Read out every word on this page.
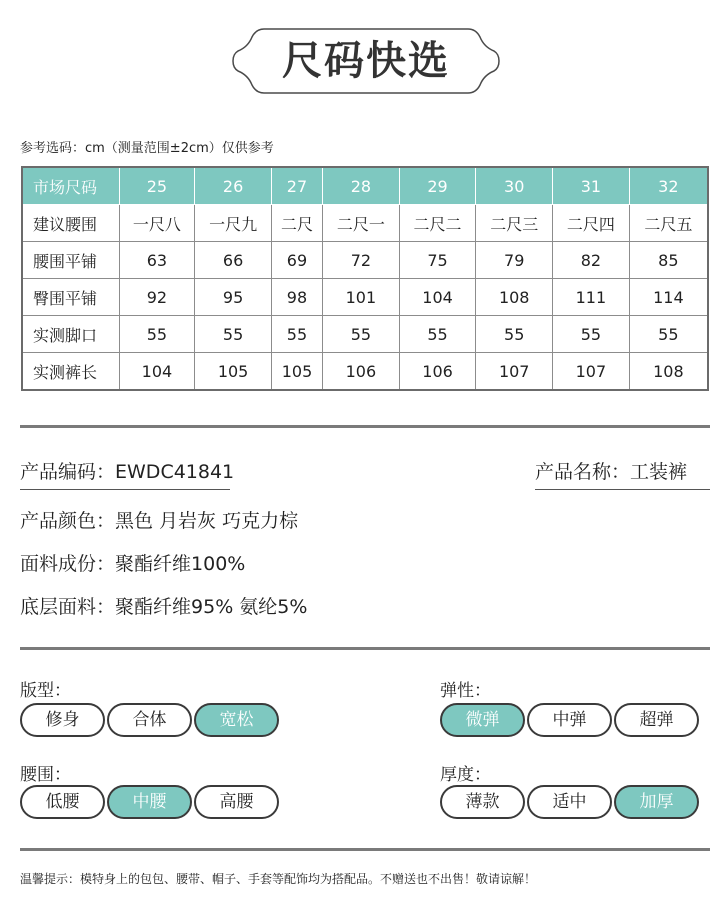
尺码快选
参考选码：cm（测量范围±2cm）仅供参考
市场尺码	25	26	27	28	29	30	31	32
建议腰围	一尺八	一尺九	二尺	二尺一	二尺二	二尺三	二尺四	二尺五
腰围平铺	63	66	69	72	75	79	82	85
臀围平铺	92	95	98	101	104	108	111	114
实测脚口	55	55	55	55	55	55	55	55
实测裤长	104	105	105	106	106	107	107	108
产品编码：EWDC41841	产品名称：工装裤
产品颜色：黑色 月岩灰 巧克力棕
面料成份：聚酯纤维100%
底层面料：聚酯纤维95% 氨纶5%
版型：
修身	合体	宽松
弹性：
微弹	中弹	超弹
腰围：
低腰	中腰	高腰
厚度：
薄款	适中	加厚
温馨提示：模特身上的包包、腰带、帽子、手套等配饰均为搭配品。不赠送也不出售！敬请谅解！
